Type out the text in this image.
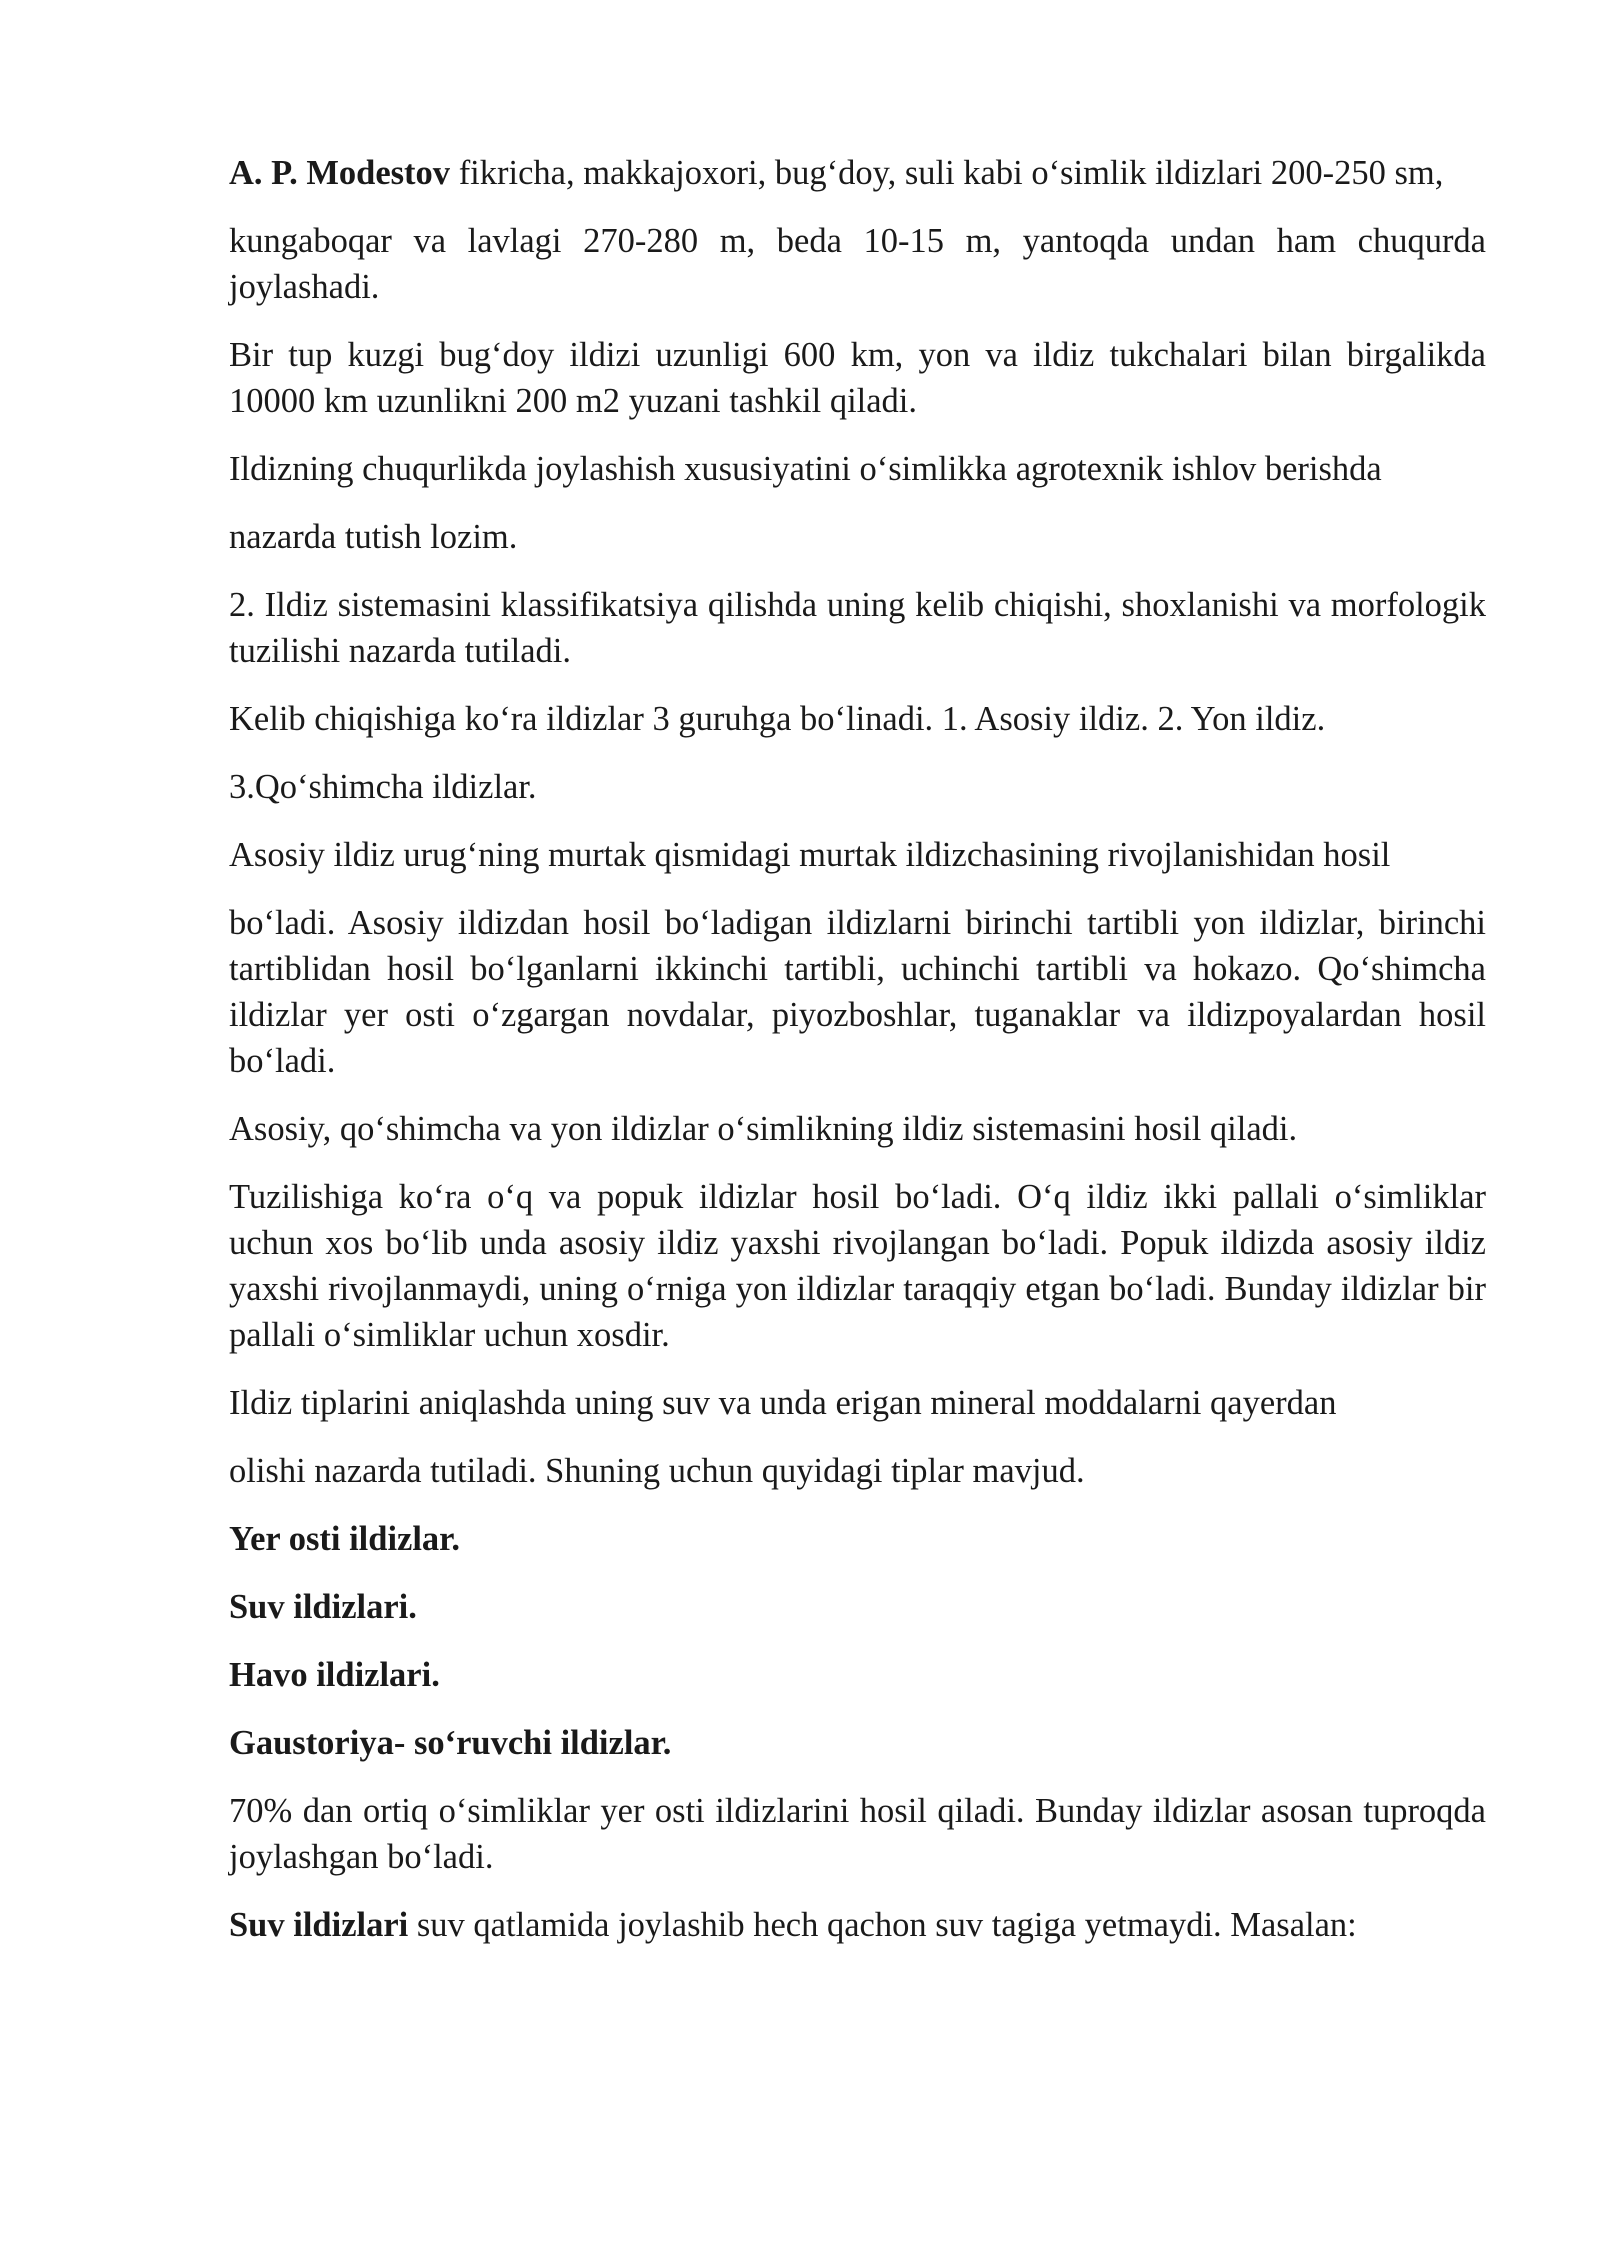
A. P. Modestov fikricha, makkajoxori, bug‘doy, suli kabi o‘simlik ildizlari 200-250 sm,

kungaboqar va lavlagi 270-280 m, beda 10-15 m, yantoqda undan ham chuqurda joylashadi.

Bir tup kuzgi bug‘doy ildizi uzunligi 600 km, yon va ildiz tukchalari bilan birgalikda 10000 km uzunlikni 200 m2 yuzani tashkil qiladi.

Ildizning chuqurlikda joylashish xususiyatini o‘simlikka agrotexnik ishlov berishda

nazarda tutish lozim.

2. Ildiz sistemasini klassifikatsiya qilishda uning kelib chiqishi, shoxlanishi va morfologik tuzilishi nazarda tutiladi.

Kelib chiqishiga ko‘ra ildizlar 3 guruhga bo‘linadi. 1. Asosiy ildiz. 2. Yon ildiz.

3.Qo‘shimcha ildizlar.

Asosiy ildiz urug‘ning murtak qismidagi murtak ildizchasining rivojlanishidan hosil

bo‘ladi. Asosiy ildizdan hosil bo‘ladigan ildizlarni birinchi tartibli yon ildizlar, birinchi tartiblidan hosil bo‘lganlarni ikkinchi tartibli, uchinchi tartibli va hokazo. Qo‘shimcha ildizlar yer osti o‘zgargan novdalar, piyozboshlar, tuganaklar va ildizpoyalardan hosil bo‘ladi.

Asosiy, qo‘shimcha va yon ildizlar o‘simlikning ildiz sistemasini hosil qiladi.

Tuzilishiga ko‘ra o‘q va popuk ildizlar hosil bo‘ladi. O‘q ildiz ikki pallali o‘simliklar uchun xos bo‘lib unda asosiy ildiz yaxshi rivojlangan bo‘ladi. Popuk ildizda asosiy ildiz yaxshi rivojlanmaydi, uning o‘rniga yon ildizlar taraqqiy etgan bo‘ladi. Bunday ildizlar bir pallali o‘simliklar uchun xosdir.

Ildiz tiplarini aniqlashda uning suv va unda erigan mineral moddalarni qayerdan

olishi nazarda tutiladi. Shuning uchun quyidagi tiplar mavjud.

Yer osti ildizlar.

Suv ildizlari.

Havo ildizlari.

Gaustoriya- so‘ruvchi ildizlar.

70% dan ortiq o‘simliklar yer osti ildizlarini hosil qiladi. Bunday ildizlar asosan tuproqda joylashgan bo‘ladi.

Suv ildizlari suv qatlamida joylashib hech qachon suv tagiga yetmaydi. Masalan:
